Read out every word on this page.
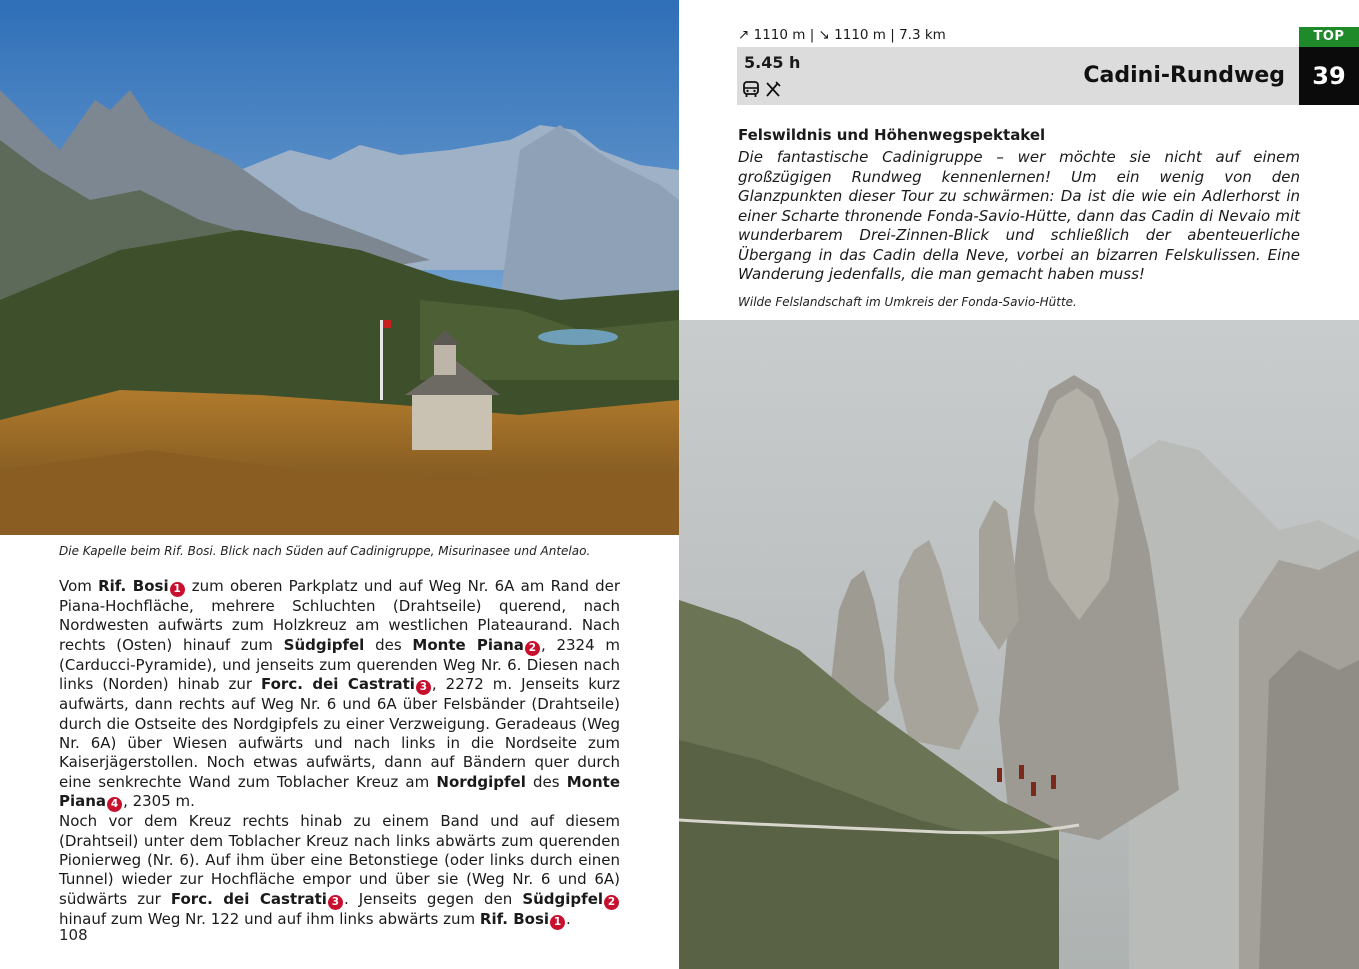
Die Kapelle beim Rif. Bosi. Blick nach Süden auf Cadinigruppe, Misurinasee und Antelao.
Vom Rif. Bosi 1 zum oberen Parkplatz und auf Weg Nr. 6A am Rand der Piana-Hochfläche, mehrere Schluchten (Drahtseile) querend, nach Nordwesten aufwärts zum Holzkreuz am westlichen Plateaurand. Nach rechts (Osten) hinauf zum Südgipfel des Monte Piana 2 , 2324 m (Carducci-Pyramide), und jenseits zum querenden Weg Nr. 6. Diesen nach links (Norden) hinab zur Forc. dei Castrati 3 , 2272 m. Jenseits kurz aufwärts, dann rechts auf Weg Nr. 6 und 6A über Felsbänder (Drahtseile) durch die Ostseite des Nordgipfels zu einer Verzweigung. Geradeaus (Weg Nr. 6A) über Wiesen aufwärts und nach links in die Nordseite zum Kaiserjägerstollen. Noch etwas aufwärts, dann auf Bändern quer durch eine senkrechte Wand zum Toblacher Kreuz am Nordgipfel des Monte Piana 4 , 2305 m.
Noch vor dem Kreuz rechts hinab zu einem Band und auf diesem (Drahtseil) unter dem Toblacher Kreuz nach links abwärts zum querenden Pionierweg (Nr. 6). Auf ihm über eine Betonstiege (oder links durch einen Tunnel) wieder zur Hochfläche empor und über sie (Weg Nr. 6 und 6A) südwärts zur Forc. dei Castrati 3 . Jenseits gegen den Südgipfel 2 hinauf zum Weg Nr. 122 und auf ihm links abwärts zum Rif. Bosi 1 .
108
↗ 1110 m | ↘ 1110 m | 7.3 km
5.45 h
Cadini-Rundweg
TOP
39
Felswildnis und Höhenwegspektakel
Die fantastische Cadinigruppe – wer möchte sie nicht auf einem großzügigen Rundweg kennenlernen! Um ein wenig von den Glanzpunkten dieser Tour zu schwärmen: Da ist die wie ein Adlerhorst in einer Scharte thronende Fonda-Savio-Hütte, dann das Cadin di Nevaio mit wunderbarem Drei-Zinnen-Blick und schließlich der abenteuerliche Übergang in das Cadin della Neve, vorbei an bizarren Felskulissen. Eine Wanderung jedenfalls, die man gemacht haben muss!
Wilde Felslandschaft im Umkreis der Fonda-Savio-Hütte.
